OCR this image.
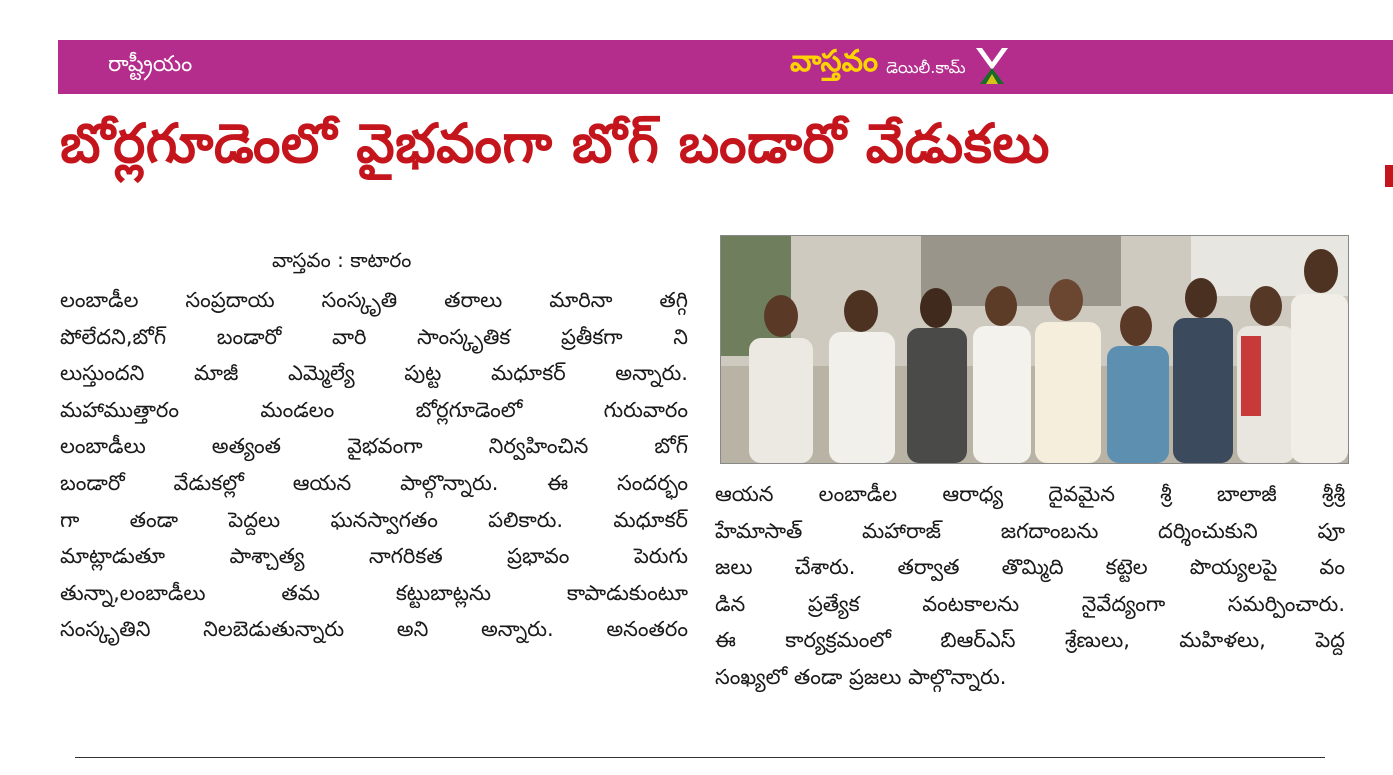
రాష్ట్రీయం	వాస్తవం డెయిలీ.కామ్
బోర్లగూడెంలో వైభవంగా బోగ్ బండారో వేడుకలు
వాస్తవం : కాటారం
లంబాడీల సంప్రదాయ సంస్కృతి తరాలు మారినా తగ్గి
పోలేదని,బోగ్ బండారో వారి సాంస్కృతిక ప్రతీకగా ని
లుస్తుందని మాజీ ఎమ్మెల్యే పుట్ట మధూకర్ అన్నారు.
మహాముత్తారం మండలం బోర్లగూడెంలో గురువారం
లంబాడీలు అత్యంత వైభవంగా నిర్వహించిన బోగ్
బండారో వేడుకల్లో ఆయన పాల్గొన్నారు. ఈ సందర్భం
గా తండా పెద్దలు ఘనస్వాగతం పలికారు. మధూకర్
మాట్లాడుతూ పాశ్చాత్య నాగరికత ప్రభావం పెరుగు
తున్నా,లంబాడీలు తమ కట్టుబాట్లను కాపాడుకుంటూ
సంస్కృతిని నిలబెడుతున్నారు అని అన్నారు. అనంతరం
ఆయన లంబాడీల ఆరాధ్య దైవమైన శ్రీ బాలాజీ శ్రీశ్రీ
హేమాసాత్ మహారాజ్ జగదాంబను దర్శించుకుని పూ
జలు చేశారు. తర్వాత తొమ్మిది కట్టెల పొయ్యలపై వం
డిన ప్రత్యేక వంటకాలను నైవేద్యంగా సమర్పించారు.
ఈ కార్యక్రమంలో బిఆర్ఎస్ శ్రేణులు, మహిళలు, పెద్ద
సంఖ్యలో తండా ప్రజలు పాల్గొన్నారు.
